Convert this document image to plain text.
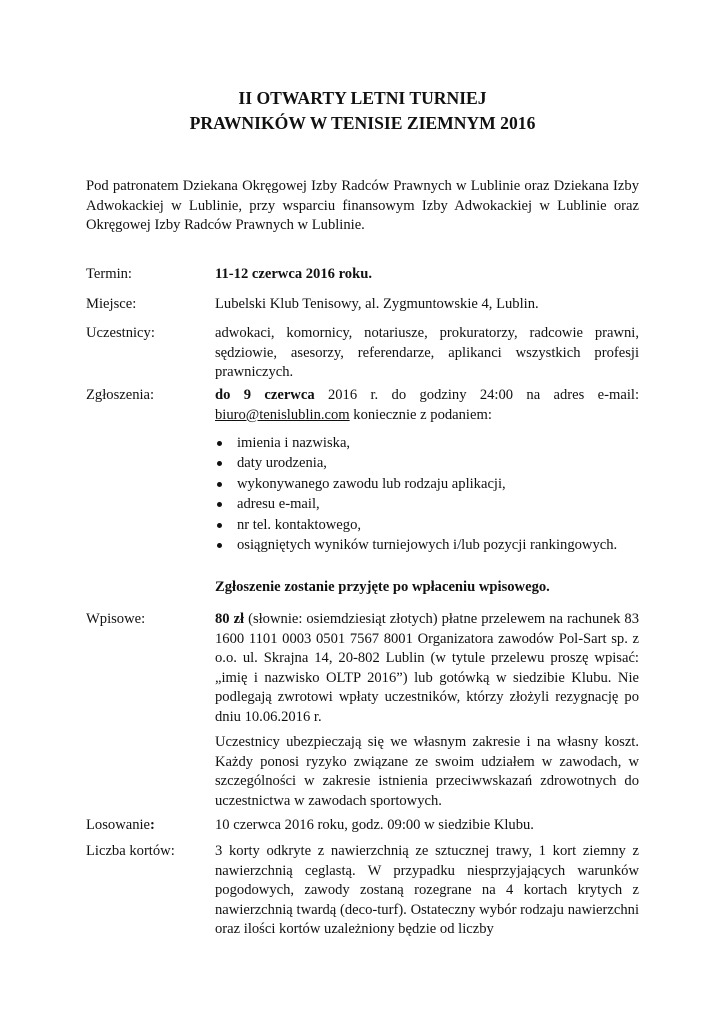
II OTWARTY LETNI TURNIEJ
PRAWNIKÓW W TENISIE ZIEMNYM 2016
Pod patronatem Dziekana Okręgowej Izby Radców Prawnych w Lublinie oraz Dziekana Izby Adwokackiej w Lublinie, przy wsparciu finansowym Izby Adwokackiej w Lublinie oraz Okręgowej Izby Radców Prawnych w Lublinie.
Termin:	11-12 czerwca 2016 roku.
Miejsce:	Lubelski Klub Tenisowy, al. Zygmuntowskie 4, Lublin.
Uczestnicy:	adwokaci, komornicy, notariusze, prokuratorzy, radcowie prawni, sędziowie, asesorzy, referendarze, aplikanci wszystkich profesji prawniczych.
Zgłoszenia:	do 9 czerwca 2016 r. do godziny 24:00 na adres e-mail: biuro@tenislublin.com koniecznie z podaniem:
imienia i nazwiska,
daty urodzenia,
wykonywanego zawodu lub rodzaju aplikacji,
adresu e-mail,
nr tel. kontaktowego,
osiągniętych wyników turniejowych i/lub pozycji rankingowych.
Zgłoszenie zostanie przyjęte po wpłaceniu wpisowego.
Wpisowe:	80 zł (słownie: osiemdziesiąt złotych) płatne przelewem na rachunek 83 1600 1101 0003 0501 7567 8001 Organizatora zawodów Pol-Sart sp. z o.o. ul. Skrajna 14, 20-802 Lublin (w tytule przelewu proszę wpisać: „imię i nazwisko OLTP 2016”) lub gotówką w siedzibie Klubu. Nie podlegają zwrotowi wpłaty uczestników, którzy złożyli rezygnację po dniu 10.06.2016 r.

Uczestnicy ubezpieczają się we własnym zakresie i na własny koszt. Każdy ponosi ryzyko związane ze swoim udziałem w zawodach, w szczególności w zakresie istnienia przeciwwskazań zdrowotnych do uczestnictwa w zawodach sportowych.
Losowanie:	10 czerwca 2016 roku, godz. 09:00 w siedzibie Klubu.
Liczba kortów:	3 korty odkryte z nawierzchnią ze sztucznej trawy, 1 kort ziemny z nawierzchnią ceglastą. W przypadku niesprzyjających warunków pogodowych, zawody zostaną rozegrane na 4 kortach krytych z nawierzchnią twardą (deco-turf). Ostateczny wybór rodzaju nawierzchni oraz ilości kortów uzależniony będzie od liczby
